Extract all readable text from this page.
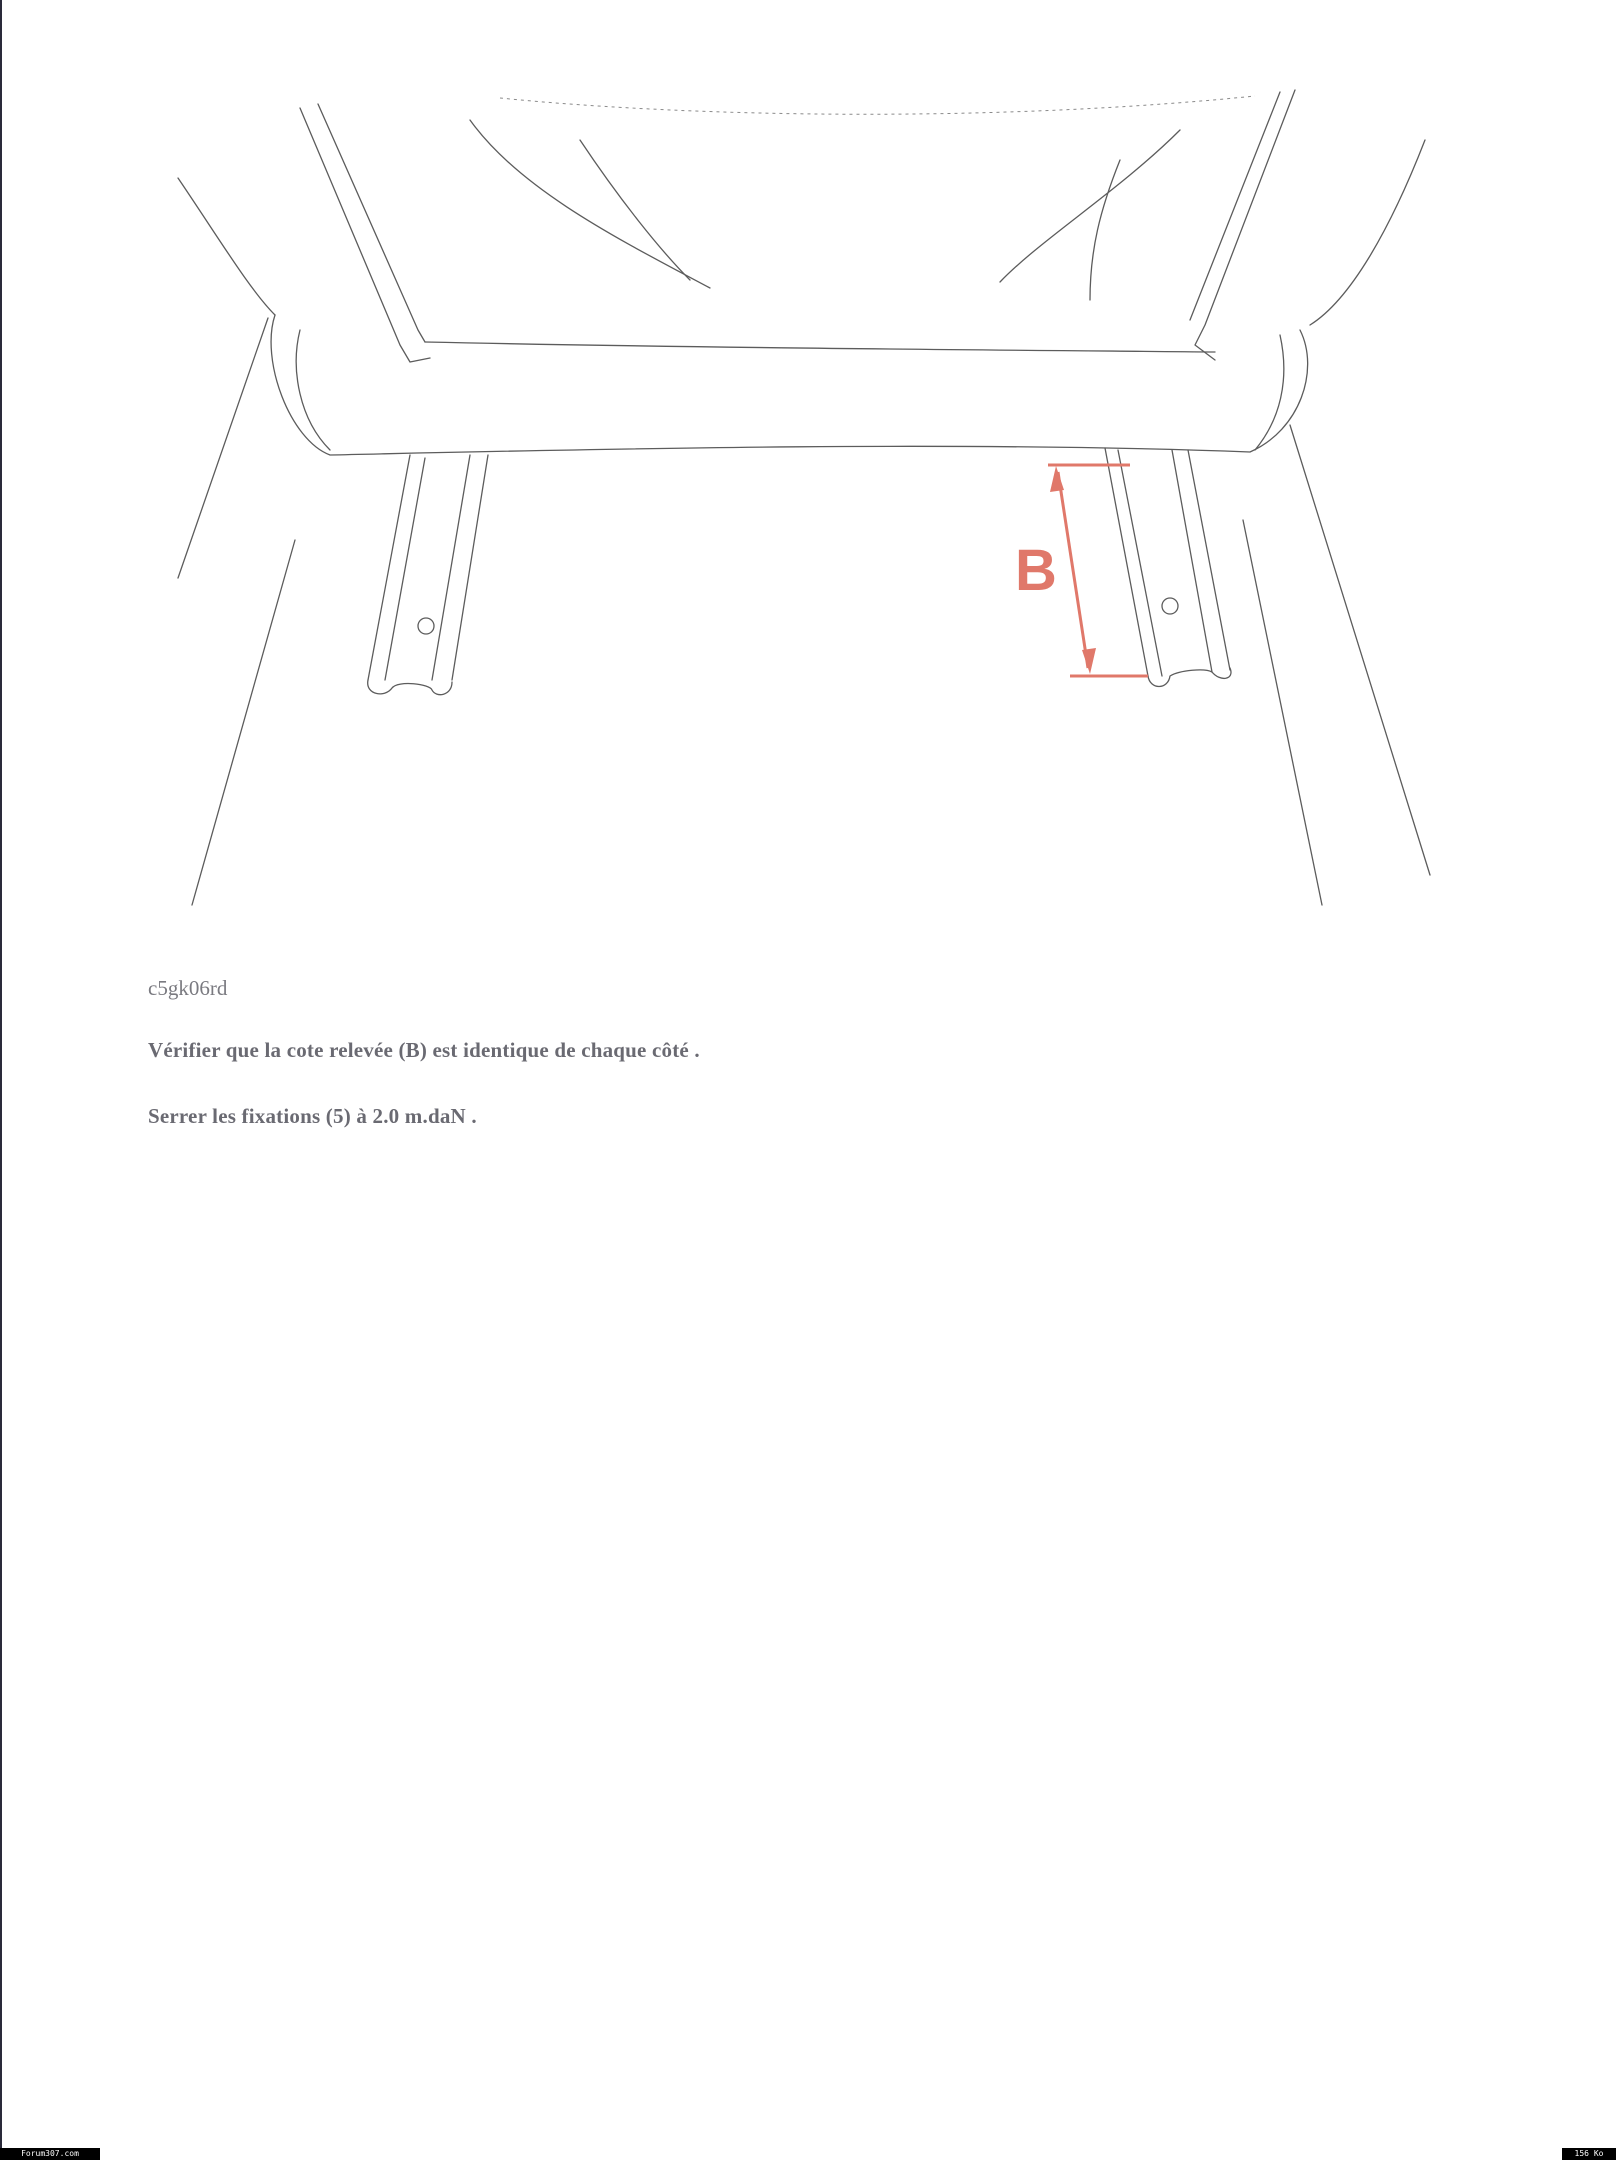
B

c5gk06rd

Vérifier que la cote relevée (B) est identique de chaque côté .

Serrer les fixations (5) à 2.0 m.daN .

Forum307.com	156 Ko
